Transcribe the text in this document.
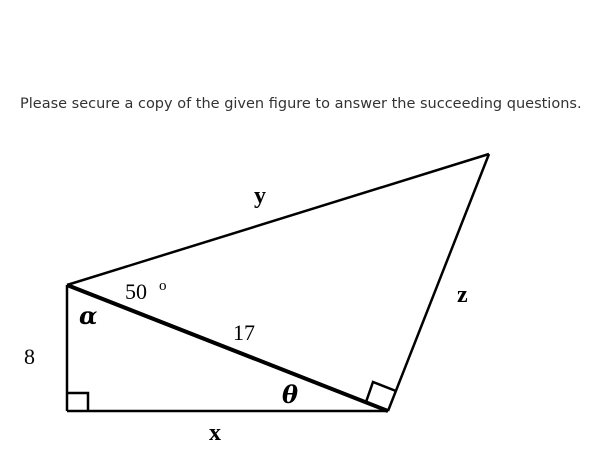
Please secure a copy of the given figure to answer the succeeding questions.
y
z
x
8
17
50 o
α
θ
